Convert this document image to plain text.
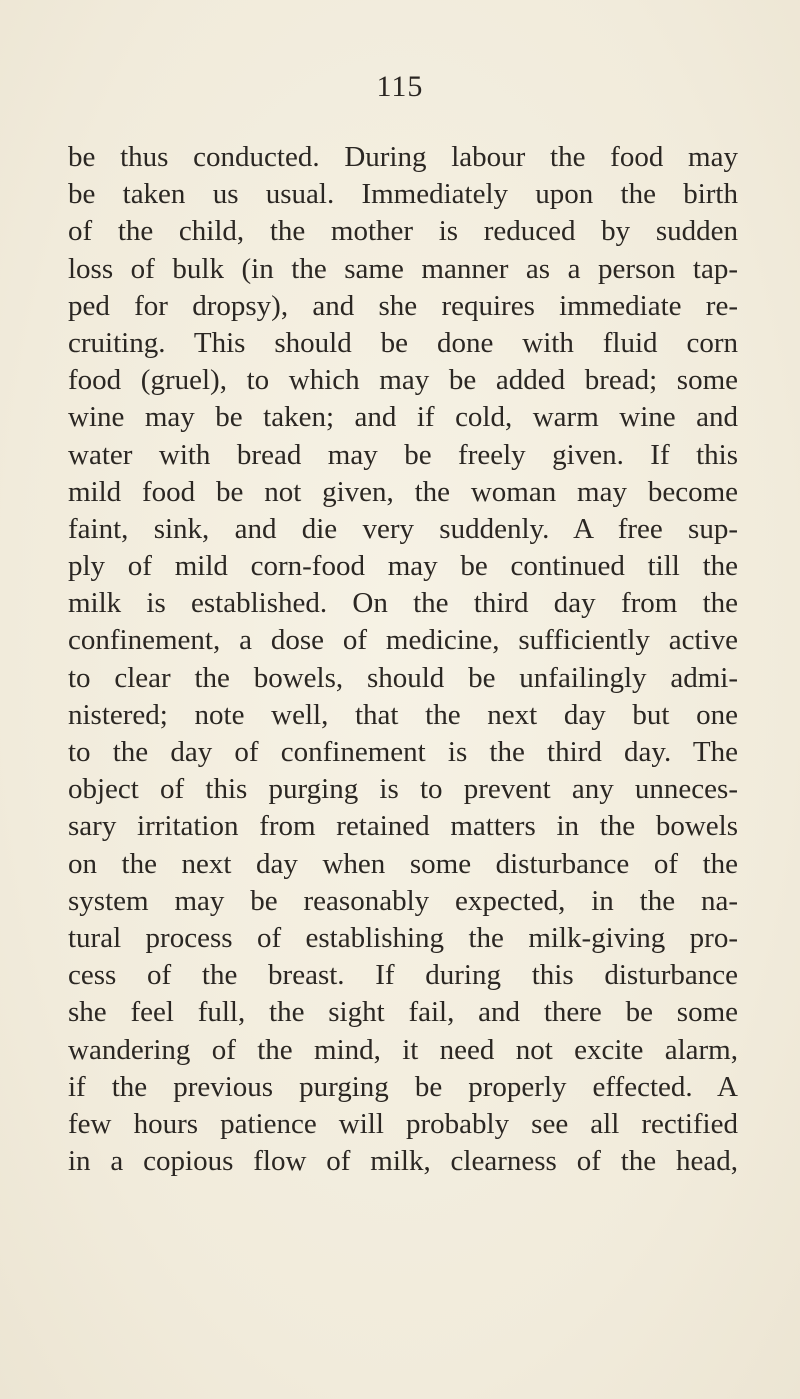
115
be thus conducted. During labour the food may
be taken us usual. Immediately upon the birth
of the child, the mother is reduced by sudden
loss of bulk (in the same manner as a person tap-
ped for dropsy), and she requires immediate re-
cruiting. This should be done with fluid corn
food (gruel), to which may be added bread; some
wine may be taken; and if cold, warm wine and
water with bread may be freely given. If this
mild food be not given, the woman may become
faint, sink, and die very suddenly. A free sup-
ply of mild corn-food may be continued till the
milk is established. On the third day from the
confinement, a dose of medicine, sufficiently active
to clear the bowels, should be unfailingly admi-
nistered; note well, that the next day but one
to the day of confinement is the third day. The
object of this purging is to prevent any unneces-
sary irritation from retained matters in the bowels
on the next day when some disturbance of the
system may be reasonably expected, in the na-
tural process of establishing the milk-giving pro-
cess of the breast. If during this disturbance
she feel full, the sight fail, and there be some
wandering of the mind, it need not excite alarm,
if the previous purging be properly effected. A
few hours patience will probably see all rectified
in a copious flow of milk, clearness of the head,
